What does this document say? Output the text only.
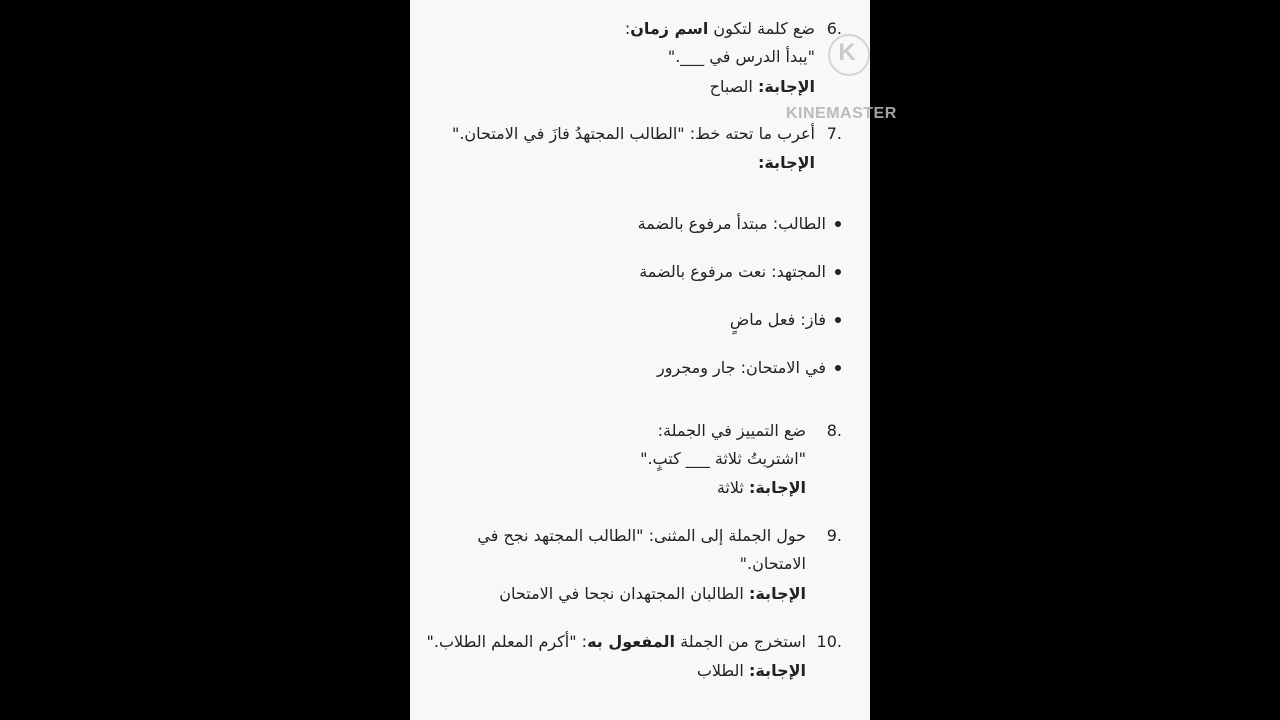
6.
ضع كلمة لتكون اسم زمان:
"يبدأ الدرس في ___."
الإجابة: الصباح
7.
أعرب ما تحته خط: "الطالب المجتهدُ فازَ في الامتحان."
الإجابة:
الطالب: مبتدأ مرفوع بالضمة
المجتهد: نعت مرفوع بالضمة
فاز: فعل ماضٍ
في الامتحان: جار ومجرور
8.
ضع التمييز في الجملة:
"اشتريتُ ثلاثة ___ كتبٍ."
الإجابة: ثلاثة
9.
حول الجملة إلى المثنى: "الطالب المجتهد نجح في
الامتحان."
الإجابة: الطالبان المجتهدان نجحا في الامتحان
10.
استخرج من الجملة المفعول به: "أكرم المعلم الطلاب."
الإجابة: الطلاب
K
KINEMASTER
